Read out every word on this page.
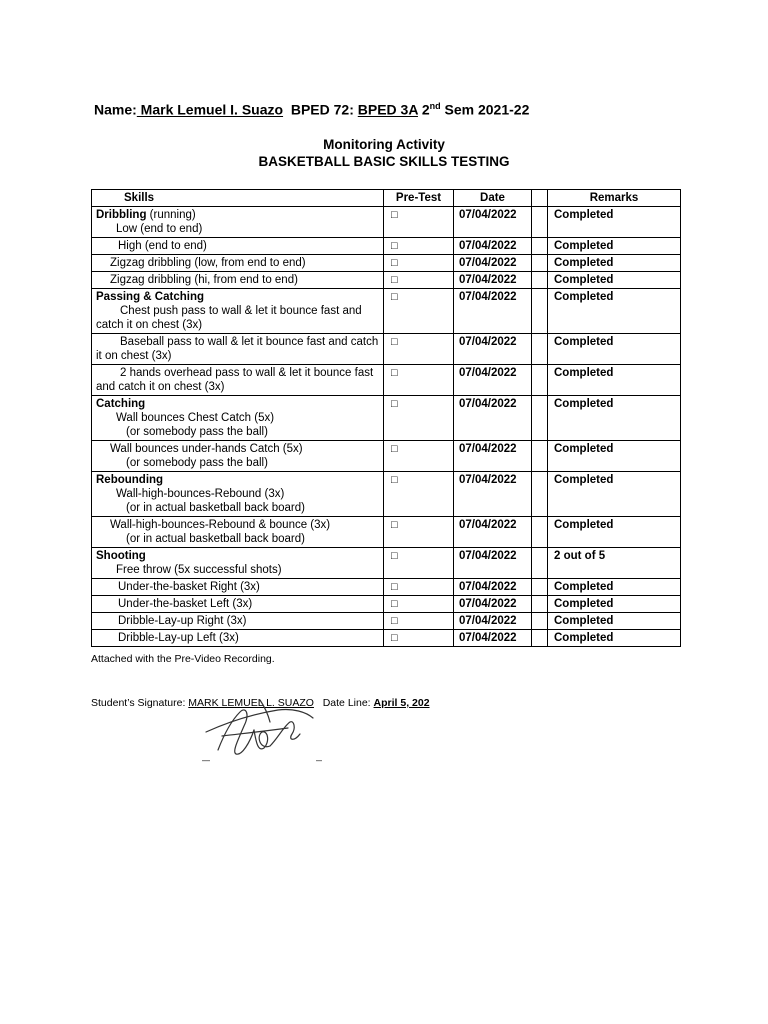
Name: Mark Lemuel I. Suazo BPED 72: BPED 3A 2nd Sem 2021-22
Monitoring Activity
BASKETBALL BASIC SKILLS TESTING
Skills	Pre-Test	Date		Remarks
Dribbling (running)
Low (end to end)	□	07/04/2022		Completed

High (end to end)	□	07/04/2022		Completed

Zigzag dribbling (low, from end to end)	□	07/04/2022		Completed

Zigzag dribbling (hi, from end to end)	□	07/04/2022		Completed
Passing & Catching
Chest push pass to wall & let it bounce fast and catch it on chest (3x)	□	07/04/2022		Completed

Baseball pass to wall & let it bounce fast and catch it on chest (3x)	□	07/04/2022		Completed

2 hands overhead pass to wall & let it bounce fast and catch it on chest (3x)	□	07/04/2022		Completed
Catching
Wall bounces Chest Catch (5x)
(or somebody pass the ball)	□	07/04/2022		Completed

Wall bounces under-hands Catch (5x)
(or somebody pass the ball)	□	07/04/2022		Completed
Rebounding
Wall-high-bounces-Rebound (3x)
(or in actual basketball back board)	□	07/04/2022		Completed

Wall-high-bounces-Rebound & bounce (3x)
(or in actual basketball back board)	□	07/04/2022		Completed
Shooting
Free throw (5x successful shots)	□	07/04/2022		2 out of 5

Under-the-basket Right (3x)	□	07/04/2022		Completed

Under-the-basket Left (3x)	□	07/04/2022		Completed

Dribble-Lay-up Right (3x)	□	07/04/2022		Completed

Dribble-Lay-up Left (3x)	□	07/04/2022		Completed
Attached with the Pre-Video Recording.
Student’s Signature: MARK LEMUEL L. SUAZO Date Line: April 5, 202
